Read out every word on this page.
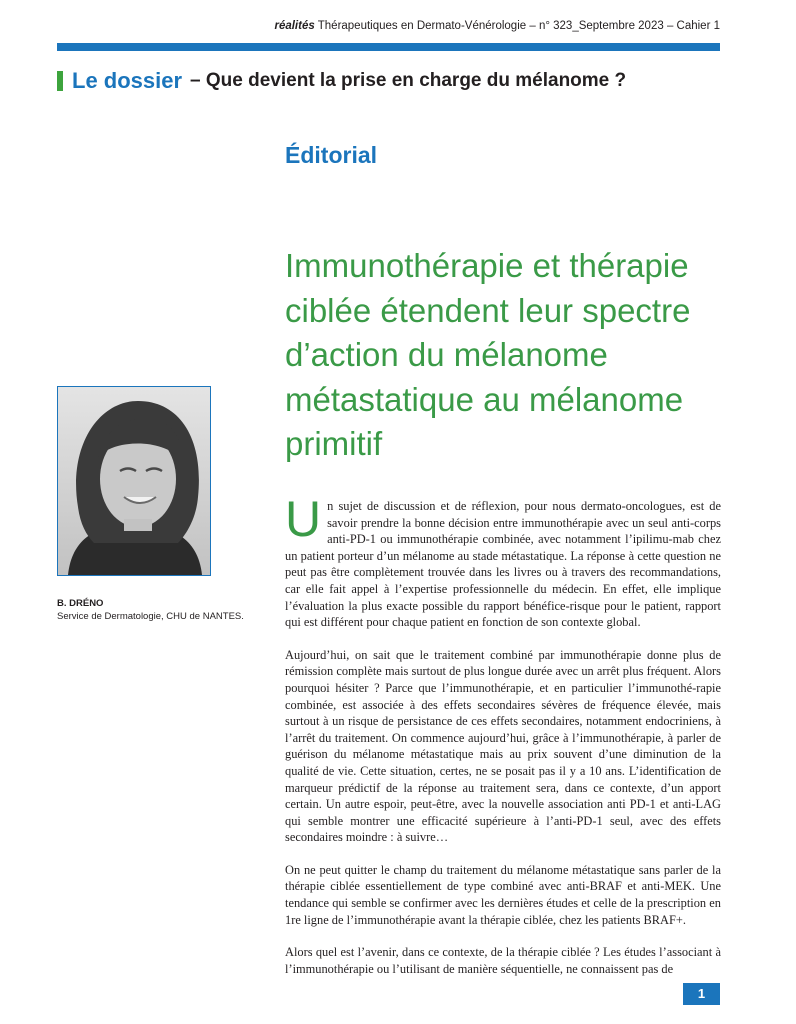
réalités Thérapeutiques en Dermato-Vénérologie – n° 323_Septembre 2023 – Cahier 1
Le dossier – Que devient la prise en charge du mélanome ?
Éditorial
Immunothérapie et thérapie ciblée étendent leur spectre d’action du mélanome métastatique au mélanome primitif
B. DRÉNO
Service de Dermatologie, CHU de NANTES.

Un sujet de discussion et de réflexion, pour nous dermato-oncologues, est de savoir prendre la bonne décision entre immunothérapie avec un seul anti-corps anti-PD-1 ou immunothérapie combinée, avec notamment l’ipilimu-mab chez un patient porteur d’un mélanome au stade métastatique. La réponse à cette question ne peut pas être complètement trouvée dans les livres ou à travers des recommandations, car elle fait appel à l’expertise professionnelle du médecin. En effet, elle implique l’évaluation la plus exacte possible du rapport bénéfice-risque pour le patient, rapport qui est différent pour chaque patient en fonction de son contexte global.

Aujourd’hui, on sait que le traitement combiné par immunothérapie donne plus de rémission complète mais surtout de plus longue durée avec un arrêt plus fréquent. Alors pourquoi hésiter ? Parce que l’immunothérapie, et en particulier l’immunothé-rapie combinée, est associée à des effets secondaires sévères de fréquence élevée, mais surtout à un risque de persistance de ces effets secondaires, notamment endocriniens, à l’arrêt du traitement. On commence aujourd’hui, grâce à l’immunothérapie, à parler de guérison du mélanome métastatique mais au prix souvent d’une diminution de la qualité de vie. Cette situation, certes, ne se posait pas il y a 10 ans. L’identification de marqueur prédictif de la réponse au traitement sera, dans ce contexte, d’un apport certain. Un autre espoir, peut-être, avec la nouvelle association anti PD-1 et anti-LAG qui semble montrer une efficacité supérieure à l’anti-PD-1 seul, avec des effets secondaires moindre : à suivre…

On ne peut quitter le champ du traitement du mélanome métastatique sans parler de la thérapie ciblée essentiellement de type combiné avec anti-BRAF et anti-MEK. Une tendance qui semble se confirmer avec les dernières études et celle de la prescription en 1re ligne de l’immunothérapie avant la thérapie ciblée, chez les patients BRAF+.

Alors quel est l’avenir, dans ce contexte, de la thérapie ciblée ? Les études l’associant à l’immunothérapie ou l’utilisant de manière séquentielle, ne connaissent pas de

1
